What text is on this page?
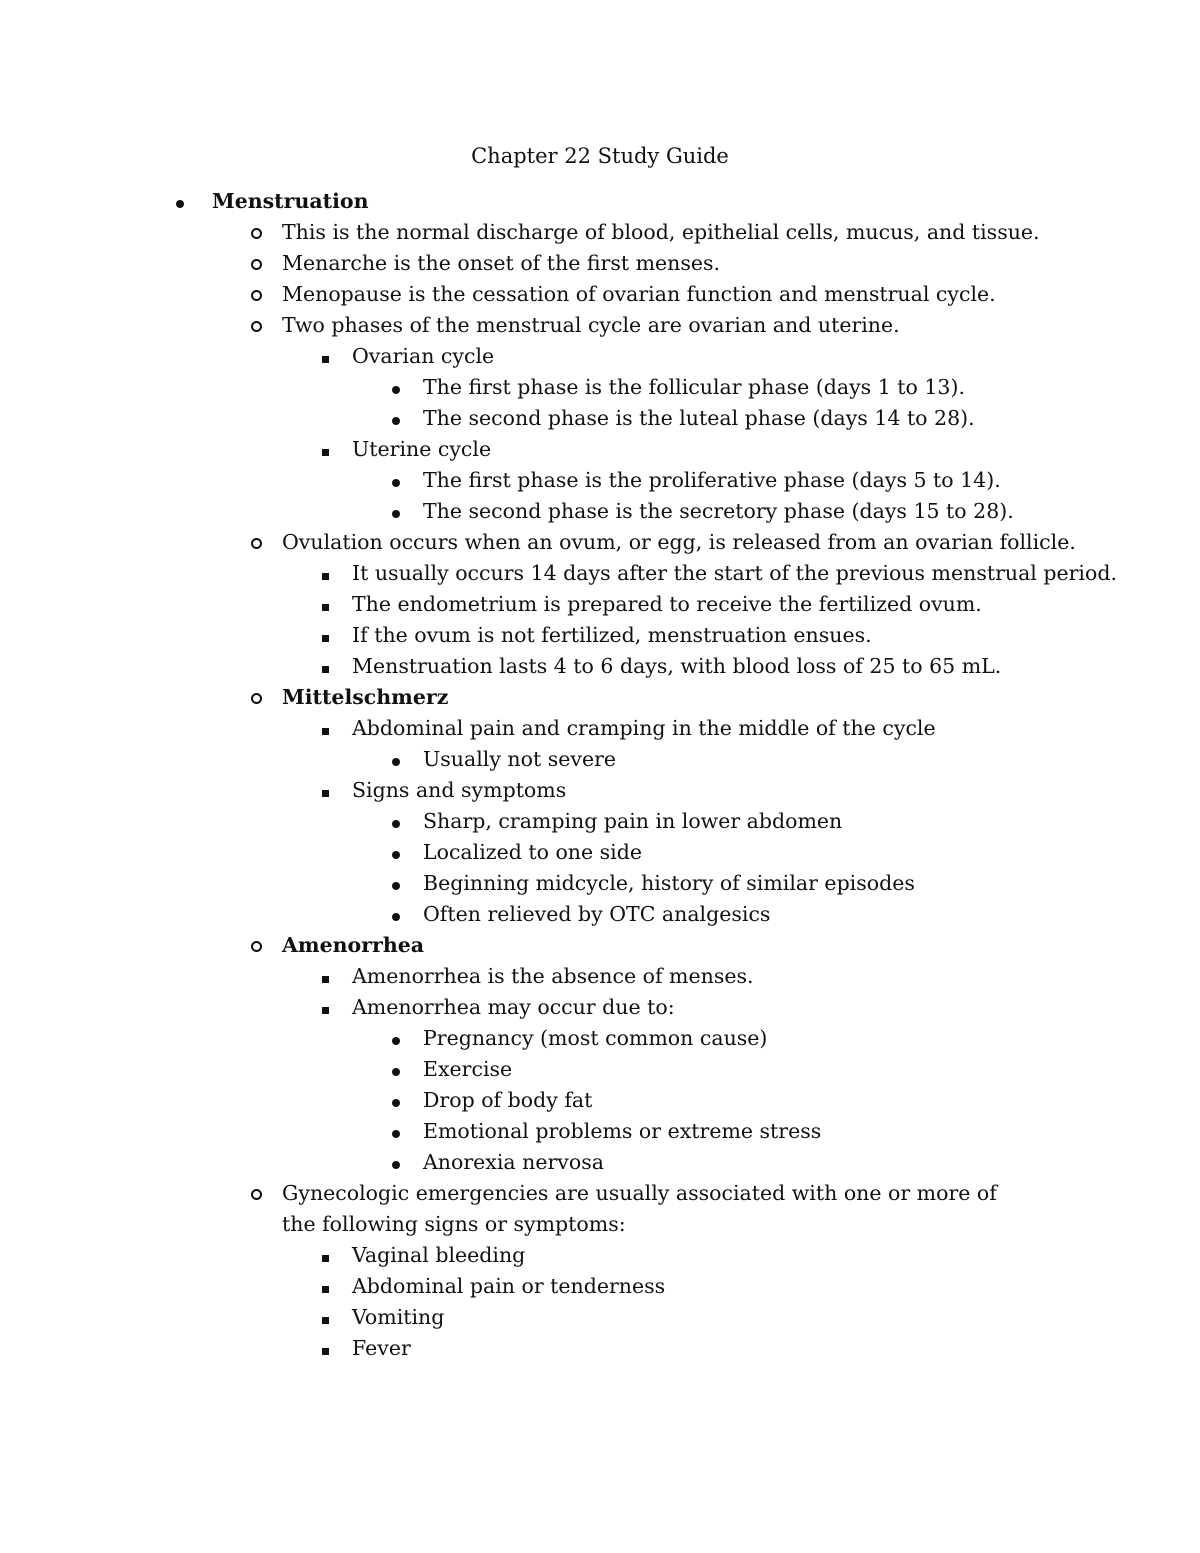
Chapter 22 Study Guide
Menstruation
This is the normal discharge of blood, epithelial cells, mucus, and tissue.
Menarche is the onset of the first menses.
Menopause is the cessation of ovarian function and menstrual cycle.
Two phases of the menstrual cycle are ovarian and uterine.
Ovarian cycle
The first phase is the follicular phase (days 1 to 13).
The second phase is the luteal phase (days 14 to 28).
Uterine cycle
The first phase is the proliferative phase (days 5 to 14).
The second phase is the secretory phase (days 15 to 28).
Ovulation occurs when an ovum, or egg, is released from an ovarian follicle.
It usually occurs 14 days after the start of the previous menstrual period.
The endometrium is prepared to receive the fertilized ovum.
If the ovum is not fertilized, menstruation ensues.
Menstruation lasts 4 to 6 days, with blood loss of 25 to 65 mL.
Mittelschmerz
Abdominal pain and cramping in the middle of the cycle
Usually not severe
Signs and symptoms
Sharp, cramping pain in lower abdomen
Localized to one side
Beginning midcycle, history of similar episodes
Often relieved by OTC analgesics
Amenorrhea
Amenorrhea is the absence of menses.
Amenorrhea may occur due to:
Pregnancy (most common cause)
Exercise
Drop of body fat
Emotional problems or extreme stress
Anorexia nervosa
Gynecologic emergencies are usually associated with one or more of the following signs or symptoms:
Vaginal bleeding
Abdominal pain or tenderness
Vomiting
Fever
